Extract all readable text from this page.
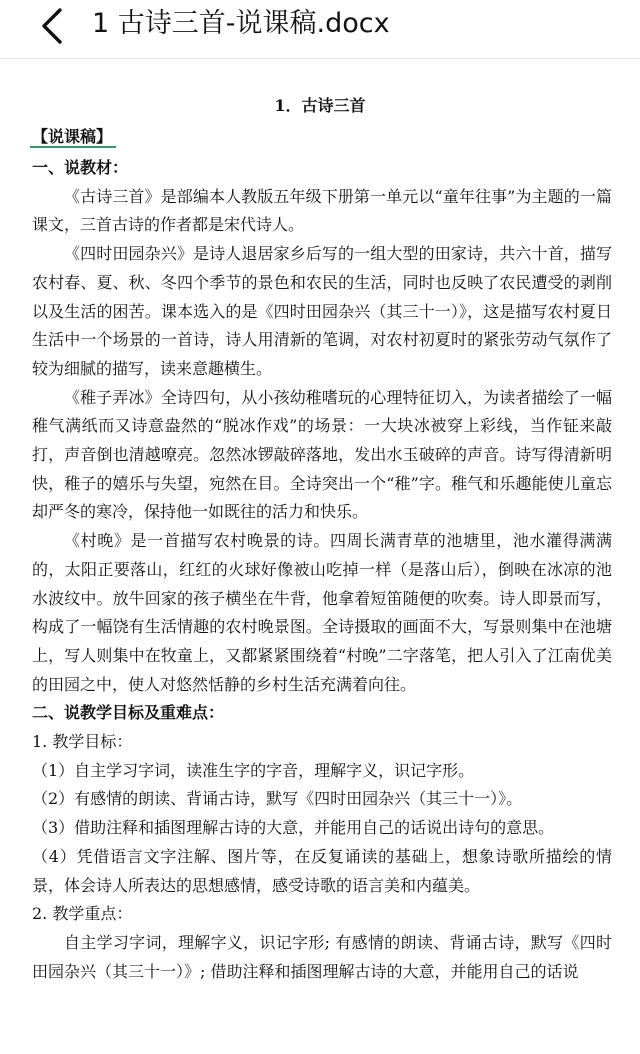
1 古诗三首-说课稿.docx
1．古诗三首
【说课稿】

一、说教材：

《古诗三首》是部编本人教版五年级下册第一单元以“童年往事”为主题的一篇课文，三首古诗的作者都是宋代诗人。

《四时田园杂兴》是诗人退居家乡后写的一组大型的田家诗，共六十首，描写农村春、夏、秋、冬四个季节的景色和农民的生活，同时也反映了农民遭受的剥削以及生活的困苦。课本选入的是《四时田园杂兴（其三十一）》，这是描写农村夏日生活中一个场景的一首诗，诗人用清新的笔调，对农村初夏时的紧张劳动气氛作了较为细腻的描写，读来意趣横生。

《稚子弄冰》全诗四句，从小孩幼稚嗜玩的心理特征切入，为读者描绘了一幅稚气满纸而又诗意盎然的“脱冰作戏”的场景：一大块冰被穿上彩线，当作钲来敲打，声音倒也清越嘹亮。忽然冰锣敲碎落地，发出水玉破碎的声音。诗写得清新明快，稚子的嬉乐与失望，宛然在目。全诗突出一个“稚”字。稚气和乐趣能使儿童忘却严冬的寒冷，保持他一如既往的活力和快乐。

《村晚》是一首描写农村晚景的诗。四周长满青草的池塘里，池水灌得满满的，太阳正要落山，红红的火球好像被山吃掉一样（是落山后），倒映在冰凉的池水波纹中。放牛回家的孩子横坐在牛背，他拿着短笛随便的吹奏。诗人即景而写，构成了一幅饶有生活情趣的农村晚景图。全诗摄取的画面不大，写景则集中在池塘上，写人则集中在牧童上，又都紧紧围绕着“村晚”二字落笔，把人引入了江南优美的田园之中，使人对悠然恬静的乡村生活充满着向往。

二、说教学目标及重难点：

1. 教学目标：

（1）自主学习字词，读准生字的字音，理解字义，识记字形。

（2）有感情的朗读、背诵古诗，默写《四时田园杂兴（其三十一）》。

（3）借助注释和插图理解古诗的大意，并能用自己的话说出诗句的意思。

（4）凭借语言文字注解、图片等，在反复诵读的基础上，想象诗歌所描绘的情景，体会诗人所表达的思想感情，感受诗歌的语言美和内蕴美。

2. 教学重点：

自主学习字词，理解字义，识记字形; 有感情的朗读、背诵古诗，默写《四时田园杂兴（其三十一）》; 借助注释和插图理解古诗的大意，并能用自己的话说
